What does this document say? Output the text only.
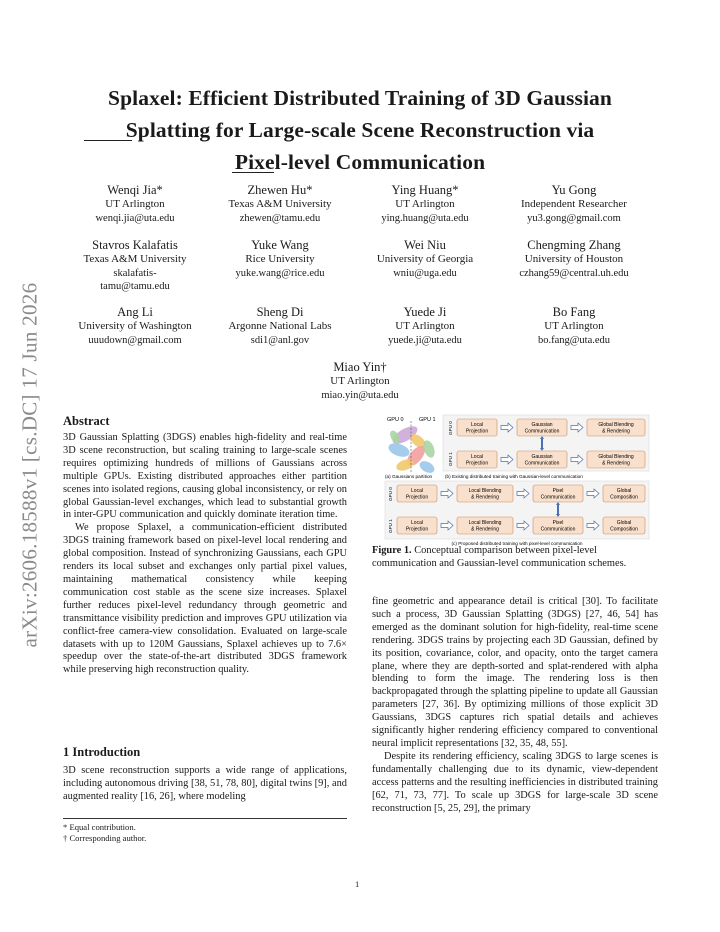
arXiv:2606.18588v1 [cs.DC] 17 Jun 2026
Splaxel: Efficient Distributed Training of 3D Gaussian
Splatting for Large-scale Scene Reconstruction via
Pixel-level Communication
Wenqi Jia*
UT Arlington
wenqi.jia@uta.edu
Zhewen Hu*
Texas A&M University
zhewen@tamu.edu
Ying Huang*
UT Arlington
ying.huang@uta.edu
Yu Gong
Independent Researcher
yu3.gong@gmail.com
Stavros Kalafatis
Texas A&M University
skalafatis-
tamu@tamu.edu
Yuke Wang
Rice University
yuke.wang@rice.edu
Wei Niu
University of Georgia
wniu@uga.edu
Chengming Zhang
University of Houston
czhang59@central.uh.edu
Ang Li
University of Washington
uuudown@gmail.com
Sheng Di
Argonne National Labs
sdi1@anl.gov
Yuede Ji
UT Arlington
yuede.ji@uta.edu
Bo Fang
UT Arlington
bo.fang@uta.edu
Miao Yin†
UT Arlington
miao.yin@uta.edu
Abstract

3D Gaussian Splatting (3DGS) enables high-fidelity and real-time 3D scene reconstruction, but scaling training to large-scale scenes requires optimizing hundreds of millions of Gaussians across multiple GPUs. Existing distributed approaches either partition scenes into isolated regions, causing global inconsistency, or rely on global Gaussian-level exchanges, which lead to substantial growth in inter-GPU communication and quickly dominate iteration time.

We propose Splaxel, a communication-efficient distributed 3DGS training framework based on pixel-level local rendering and global composition. Instead of synchronizing Gaussians, each GPU renders its local subset and exchanges only partial pixel values, maintaining mathematical consistency while keeping communication cost stable as the scene size increases. Splaxel further reduces pixel-level redundancy through geometric and transmittance visibility prediction and improves GPU utilization via conflict-free camera-view consolidation. Evaluated on large-scale datasets with up to 120M Gaussians, Splaxel achieves up to 7.6× speedup over the state-of-the-art distributed 3DGS framework while preserving high reconstruction quality.

1 Introduction

3D scene reconstruction supports a wide range of applications, including autonomous driving [38, 51, 78, 80], digital twins [9], and augmented reality [16, 26], where modeling

* Equal contribution.
† Corresponding author.
GPU 0	GPU 1
GPU 0
GPU 1
Local
Projection
Gaussian
Communication
Global Blending
& Rendering
Local
Projection
Gaussian
Communication
Global Blending
& Rendering
(a) Gaussians partition	(b) Existing distributed training with Gaussian-level communication
GPU 0
GPU 1
Local
Projection
Local Blending
& Rendering
Pixel
Communication
Global
Composition
Local
Projection
Local Blending
& Rendering
Pixel
Communication
Global
Composition
(c) Proposed distributed training with pixel-level communication
Figure 1. Conceptual comparison between pixel-level communication and Gaussian-level communication schemes.

fine geometric and appearance detail is critical [30]. To facilitate such a process, 3D Gaussian Splatting (3DGS) [27, 46, 54] has emerged as the dominant solution for high-fidelity, real-time scene rendering. 3DGS trains by projecting each 3D Gaussian, defined by its position, covariance, color, and opacity, onto the target camera plane, where they are depth-sorted and splat-rendered with alpha blending to form the image. The rendering loss is then backpropagated through the splatting pipeline to update all Gaussian parameters [27, 36]. By optimizing millions of those explicit 3D Gaussians, 3DGS captures rich spatial details and achieves significantly higher rendering efficiency compared to conventional neural implicit representations [32, 35, 48, 55].

Despite its rendering efficiency, scaling 3DGS to large scenes is fundamentally challenging due to its dynamic, view-dependent access patterns and the resulting inefficiencies in distributed training [62, 71, 73, 77]. To scale up 3DGS for large-scale 3D scene reconstruction [5, 25, 29], the primary

1
